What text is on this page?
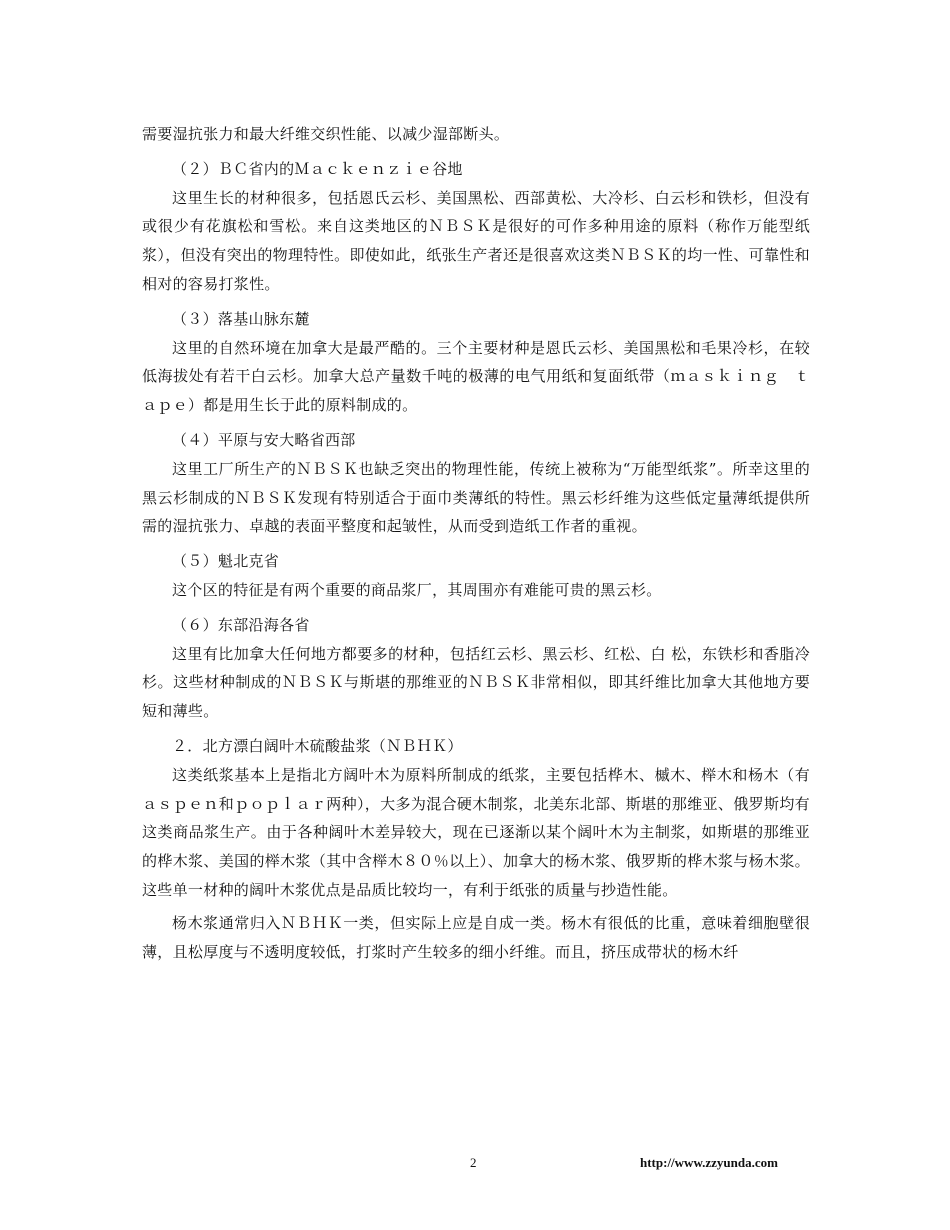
需要湿抗张力和最大纤维交织性能、以减少湿部断头。

（２）ＢＣ省内的Ｍａｃｋｅｎｚｉｅ谷地

这里生长的材种很多，包括恩氏云杉、美国黑松、西部黄松、大冷杉、白云杉和铁杉，但没有或很少有花旗松和雪松。来自这类地区的ＮＢＳＫ是很好的可作多种用途的原料（称作万能型纸浆），但没有突出的物理特性。即使如此，纸张生产者还是很喜欢这类ＮＢＳＫ的均一性、可靠性和相对的容易打浆性。

（３）落基山脉东麓

这里的自然环境在加拿大是最严酷的。三个主要材种是恩氏云杉、美国黑松和毛果冷杉，在较低海拔处有若干白云杉。加拿大总产量数千吨的极薄的电气用纸和复面纸带（ｍａｓｋｉｎｇ　ｔａｐｅ）都是用生长于此的原料制成的。

（４）平原与安大略省西部

这里工厂所生产的ＮＢＳＫ也缺乏突出的物理性能，传统上被称为“万能型纸浆”。所幸这里的黑云杉制成的ＮＢＳＫ发现有特别适合于面巾类薄纸的特性。黑云杉纤维为这些低定量薄纸提供所需的湿抗张力、卓越的表面平整度和起皱性，从而受到造纸工作者的重视。

（５）魁北克省

这个区的特征是有两个重要的商品浆厂，其周围亦有难能可贵的黑云杉。

（６）东部沿海各省

这里有比加拿大任何地方都要多的材种，包括红云杉、黑云杉、红松、白 松，东铁杉和香脂冷杉。这些材种制成的ＮＢＳＫ与斯堪的那维亚的ＮＢＳＫ非常相似，即其纤维比加拿大其他地方要短和薄些。

２．北方漂白阔叶木硫酸盐浆（ＮＢＨＫ）

这类纸浆基本上是指北方阔叶木为原料所制成的纸浆，主要包括桦木、槭木、榉木和杨木（有ａｓｐｅｎ和ｐｏｐｌａｒ两种），大多为混合硬木制浆，北美东北部、斯堪的那维亚、俄罗斯均有这类商品浆生产。由于各种阔叶木差异较大，现在已逐渐以某个阔叶木为主制浆，如斯堪的那维亚的桦木浆、美国的榉木浆（其中含榉木８０％以上）、加拿大的杨木浆、俄罗斯的桦木浆与杨木浆。这些单一材种的阔叶木浆优点是品质比较均一，有利于纸张的质量与抄造性能。

杨木浆通常归入ＮＢＨＫ一类，但实际上应是自成一类。杨木有很低的比重，意味着细胞壁很薄，且松厚度与不透明度较低，打浆时产生较多的细小纤维。而且，挤压成带状的杨木纤

2	http://www.zzyunda.com
